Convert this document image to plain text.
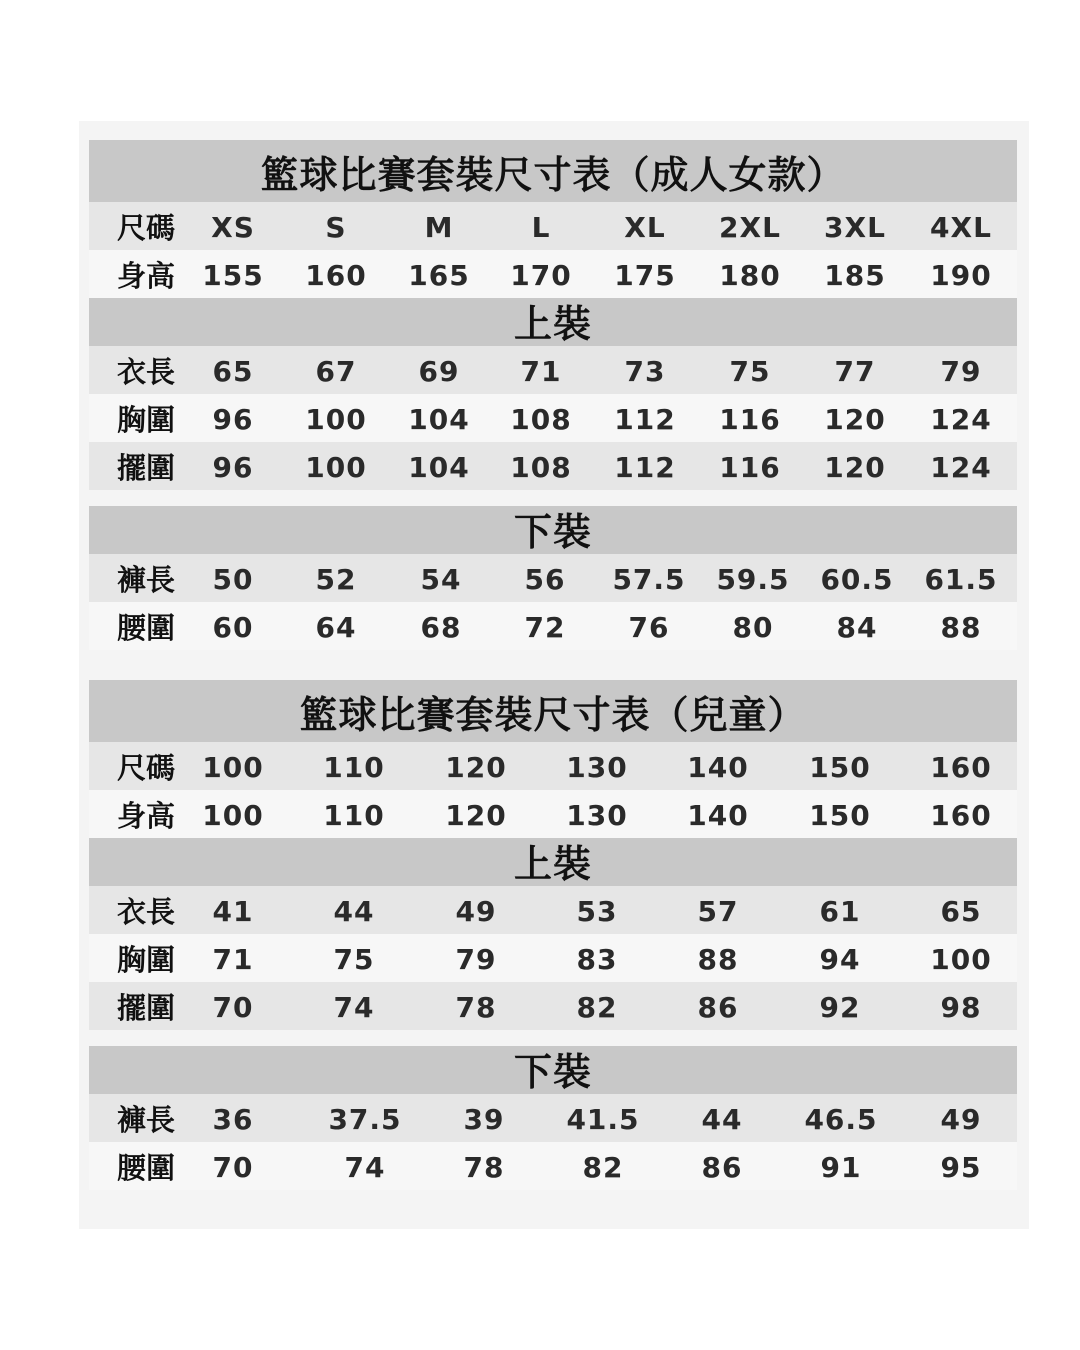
籃球比賽套裝尺寸表（成人女款）
尺碼	XS	S	M	L	XL	2XL	3XL	4XL
身高 155	160	165	170	175	180	185	190
上裝
衣長	65	67	69	71	73	75	77	79
胸圍	96	100	104	108	112	116	120	124
擺圍	96	100	104	108	112	116	120	124
下裝
褲長	50	52	54	56	57.5	59.5	60.5	61.5
腰圍	60	64	68	72	76	80	84	88
籃球比賽套裝尺寸表（兒童）
尺碼 100	110	120	130	140	150	160
身高 100	110	120	130	140	150	160
上裝
衣長	41	44	49	53	57	61	65
胸圍	71	75	79	83	88	94	100
擺圍	70	74	78	82	86	92	98
下裝
褲長	36	37.5	39	41.5	44	46.5	49
腰圍	70	74	78	82	86	91	95
